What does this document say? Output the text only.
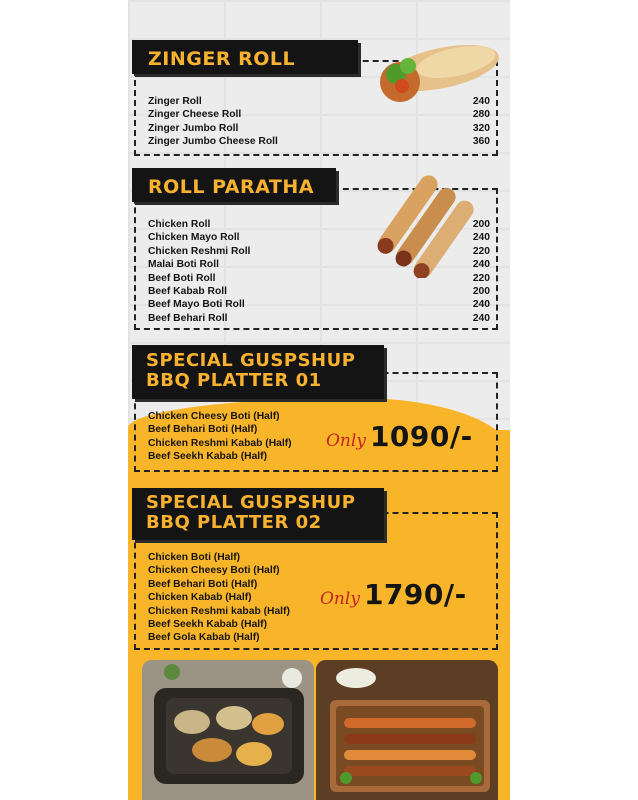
ZINGER ROLL
Zinger Roll	240
Zinger Cheese Roll	280
Zinger Jumbo Roll	320
Zinger Jumbo Cheese Roll	360
ROLL PARATHA
Chicken Roll	200
Chicken Mayo Roll	240
Chicken Reshmi Roll	220
Malai Boti Roll	240
Beef Boti Roll	220
Beef Kabab Roll	200
Beef Mayo Boti Roll	240
Beef Behari Roll	240
SPECIAL GUSPSHUP
BBQ PLATTER 01
Chicken Cheesy Boti (Half)
Beef Behari Boti (Half)
Chicken Reshmi Kabab (Half)
Beef Seekh Kabab (Half)
Only 1090/-
SPECIAL GUSPSHUP
BBQ PLATTER 02
Chicken Boti (Half)
Chicken Cheesy Boti (Half)
Beef Behari Boti (Half)
Chicken Kabab (Half)
Chicken Reshmi kabab (Half)
Beef Seekh Kabab (Half)
Beef Gola Kabab (Half)
Only 1790/-
